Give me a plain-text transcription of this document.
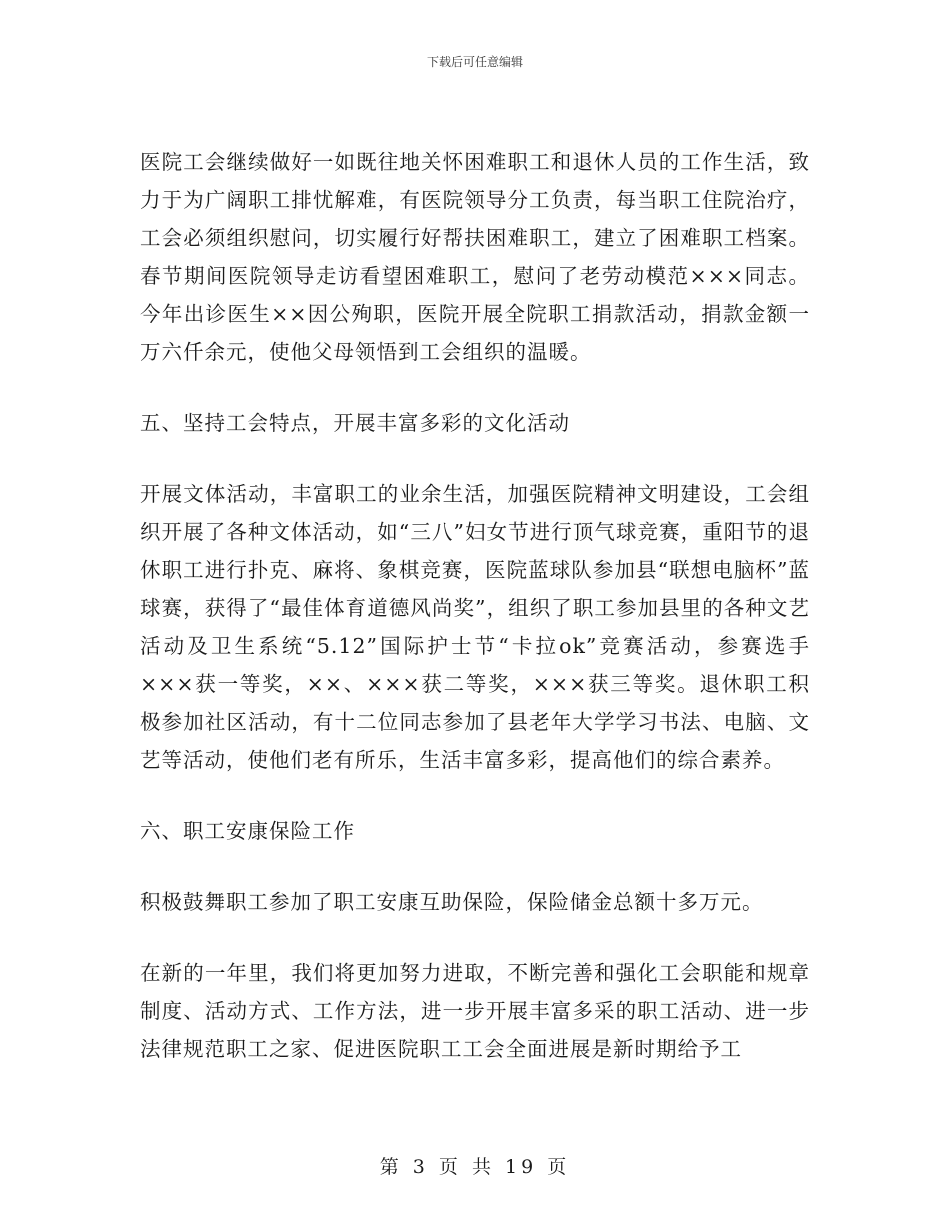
下载后可任意编辑

医院工会继续做好一如既往地关怀困难职工和退休人员的工作生活，致力于为广阔职工排忧解难，有医院领导分工负责，每当职工住院治疗，工会必须组织慰问，切实履行好帮扶困难职工，建立了困难职工档案。春节期间医院领导走访看望困难职工，慰问了老劳动模范×××同志。今年出诊医生××因公殉职，医院开展全院职工捐款活动，捐款金额一万六仟余元，使他父母领悟到工会组织的温暖。

五、坚持工会特点，开展丰富多彩的文化活动

开展文体活动，丰富职工的业余生活，加强医院精神文明建设，工会组织开展了各种文体活动，如“三八”妇女节进行顶气球竞赛，重阳节的退休职工进行扑克、麻将、象棋竞赛，医院蓝球队参加县“联想电脑杯”蓝球赛，获得了“最佳体育道德风尚奖”，组织了职工参加县里的各种文艺活动及卫生系统“5.12”国际护士节“卡拉ok”竞赛活动，参赛选手×××获一等奖，××、×××获二等奖，×××获三等奖。退休职工积极参加社区活动，有十二位同志参加了县老年大学学习书法、电脑、文艺等活动，使他们老有所乐，生活丰富多彩，提高他们的综合素养。

六、职工安康保险工作

积极鼓舞职工参加了职工安康互助保险，保险储金总额十多万元。

在新的一年里，我们将更加努力进取，不断完善和强化工会职能和规章制度、活动方式、工作方法，进一步开展丰富多采的职工活动、进一步法律规范职工之家、促进医院职工工会全面进展是新时期给予工

第 3 页 共 19 页
